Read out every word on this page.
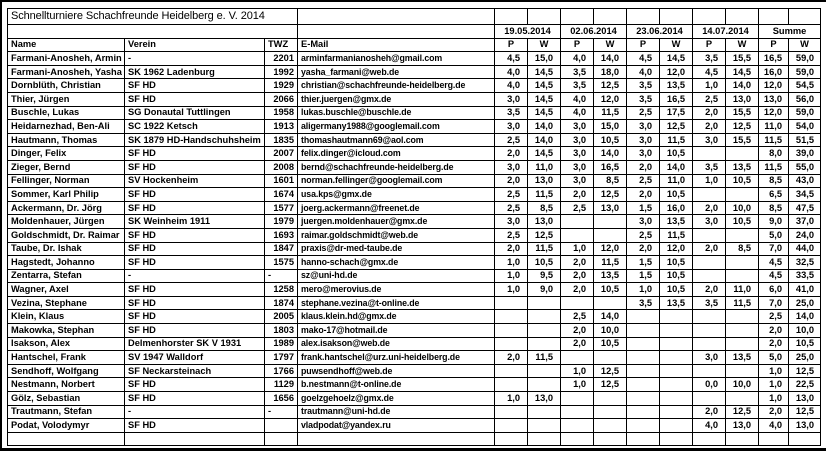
Schnellturniere Schachfreunde Heidelberg e. V. 2014													
				19.05.2014		02.06.2014		23.06.2014		14.07.2014		Summe	
Name	Verein	TWZ	E-Mail	P	W	P	W	P	W	P	W	P	W
Farmani-Anosheh, Armin	-	2201	arminfarmanianosheh@gmail.com	4,5	15,0	4,0	14,0	4,5	14,5	3,5	15,5	16,5	59,0
Farmani-Anosheh, Yasha	SK 1962 Ladenburg	1992	yasha_farmani@web.de	4,0	14,5	3,5	18,0	4,0	12,0	4,5	14,5	16,0	59,0
Dornblüth, Christian	SF HD	1929	christian@schachfreunde-heidelberg.de	4,0	14,5	3,5	12,5	3,5	13,5	1,0	14,0	12,0	54,5
Thier, Jürgen	SF HD	2066	thier.juergen@gmx.de	3,0	14,5	4,0	12,0	3,5	16,5	2,5	13,0	13,0	56,0
Buschle, Lukas	SG Donautal Tuttlingen	1958	lukas.buschle@buschle.de	3,5	14,5	4,0	11,5	2,5	17,5	2,0	15,5	12,0	59,0
Heidarnezhad, Ben-Ali	SC 1922 Ketsch	1913	aligermany1988@googlemail.com	3,0	14,0	3,0	15,0	3,0	12,5	2,0	12,5	11,0	54,0
Hautmann, Thomas	SK 1879 HD-Handschuhsheim	1835	thomashautmann69@aol.com	2,5	14,0	3,0	10,5	3,0	11,5	3,0	15,5	11,5	51,5
Dinger, Felix	SF HD	2007	felix.dinger@icloud.com	2,0	14,5	3,0	14,0	3,0	10,5			8,0	39,0
Zieger, Bernd	SF HD	2008	bernd@schachfreunde-heidelberg.de	3,0	11,0	3,0	16,5	2,0	14,0	3,5	13,5	11,5	55,0
Fellinger, Norman	SV Hockenheim	1601	norman.fellinger@googlemail.com	2,0	13,0	3,0	8,5	2,5	11,0	1,0	10,5	8,5	43,0
Sommer, Karl Philip	SF HD	1674	usa.kps@gmx.de	2,5	11,5	2,0	12,5	2,0	10,5			6,5	34,5
Ackermann, Dr. Jörg	SF HD	1577	joerg.ackermann@freenet.de	2,5	8,5	2,5	13,0	1,5	16,0	2,0	10,0	8,5	47,5
Moldenhauer, Jürgen	SK Weinheim 1911	1979	juergen.moldenhauer@gmx.de	3,0	13,0			3,0	13,5	3,0	10,5	9,0	37,0
Goldschmidt, Dr. Raimar	SF HD	1693	raimar.goldschmidt@web.de	2,5	12,5			2,5	11,5			5,0	24,0
Taube, Dr. Ishak	SF HD	1847	praxis@dr-med-taube.de	2,0	11,5	1,0	12,0	2,0	12,0	2,0	8,5	7,0	44,0
Hagstedt, Johanno	SF HD	1575	hanno-schach@gmx.de	1,0	10,5	2,0	11,5	1,5	10,5			4,5	32,5
Zentarra, Stefan	-	-	sz@uni-hd.de	1,0	9,5	2,0	13,5	1,5	10,5			4,5	33,5
Wagner, Axel	SF HD	1258	mero@merovius.de	1,0	9,0	2,0	10,5	1,0	10,5	2,0	11,0	6,0	41,0
Vezina, Stephane	SF HD	1874	stephane.vezina@t-online.de					3,5	13,5	3,5	11,5	7,0	25,0
Klein, Klaus	SF HD	2005	klaus.klein.hd@gmx.de			2,5	14,0					2,5	14,0
Makowka, Stephan	SF HD	1803	mako-17@hotmail.de			2,0	10,0					2,0	10,0
Isakson, Alex	Delmenhorster SK V 1931	1989	alex.isakson@web.de			2,0	10,5					2,0	10,5
Hantschel, Frank	SV 1947 Walldorf	1797	frank.hantschel@urz.uni-heidelberg.de	2,0	11,5					3,0	13,5	5,0	25,0
Sendhoff, Wolfgang	SF Neckarsteinach	1766	puwsendhoff@web.de			1,0	12,5					1,0	12,5
Nestmann, Norbert	SF HD	1129	b.nestmann@t-online.de			1,0	12,5			0,0	10,0	1,0	22,5
Gölz, Sebastian	SF HD	1656	goelzgehoelz@gmx.de	1,0	13,0							1,0	13,0
Trautmann, Stefan	-	-	trautmann@uni-hd.de							2,0	12,5	2,0	12,5
Podat, Volodymyr	SF HD		vladpodat@yandex.ru							4,0	13,0	4,0	13,0
